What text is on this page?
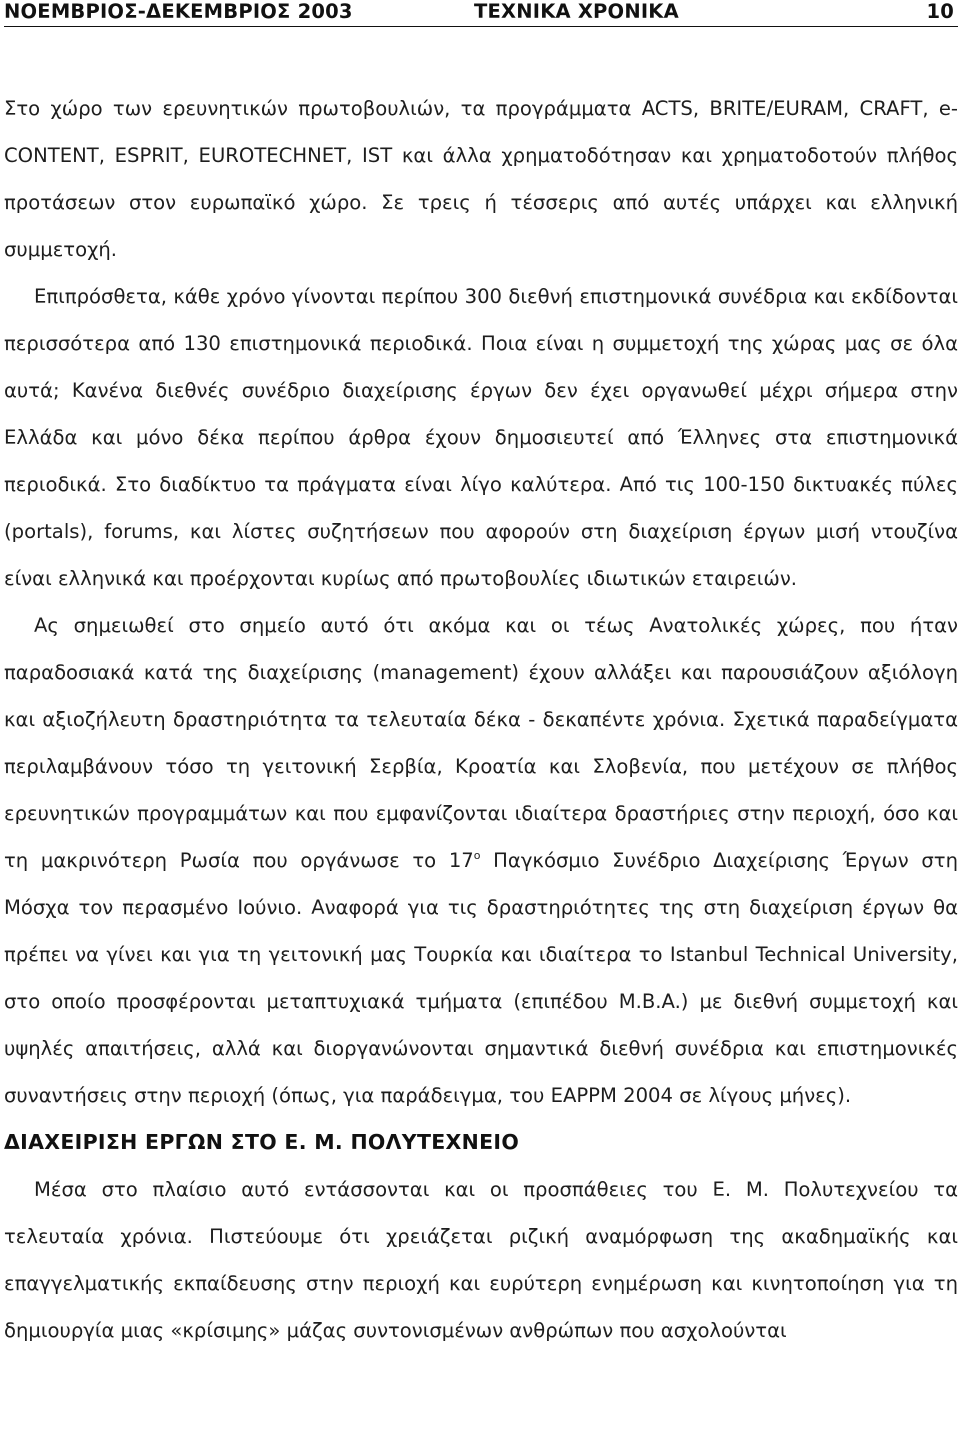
ΝΟΕΜΒΡΙΟΣ-ΔΕΚΕΜΒΡΙΟΣ 2003	ΤΕΧΝΙΚΑ ΧΡΟΝΙΚΑ	10

Στο χώρο των ερευνητικών πρωτοβουλιών, τα προγράμματα ACTS, BRITE/EURAM, CRAFT, e-CONTENT, ESPRIT, EUROTECHNET, IST και άλλα χρηματοδότησαν και χρηματοδοτούν πλήθος προτάσεων στον ευρωπαϊκό χώρο. Σε τρεις ή τέσσερις από αυτές υπάρχει και ελληνική συμμετοχή.

Επιπρόσθετα, κάθε χρόνο γίνονται περίπου 300 διεθνή επιστημονικά συνέδρια και εκδίδονται περισσότερα από 130 επιστημονικά περιοδικά. Ποια είναι η συμμετοχή της χώρας μας σε όλα αυτά; Κανένα διεθνές συνέδριο διαχείρισης έργων δεν έχει οργανωθεί μέχρι σήμερα στην Ελλάδα και μόνο δέκα περίπου άρθρα έχουν δημοσιευτεί από Έλληνες στα επιστημονικά περιοδικά. Στο διαδίκτυο τα πράγματα είναι λίγο καλύτερα. Από τις 100-150 δικτυακές πύλες (portals), forums, και λίστες συζητήσεων που αφορούν στη διαχείριση έργων μισή ντουζίνα είναι ελληνικά και προέρχονται κυρίως από πρωτοβουλίες ιδιωτικών εταιρειών.

Ας σημειωθεί στο σημείο αυτό ότι ακόμα και οι τέως Ανατολικές χώρες, που ήταν παραδοσιακά κατά της διαχείρισης (management) έχουν αλλάξει και παρουσιάζουν αξιόλογη και αξιοζήλευτη δραστηριότητα τα τελευταία δέκα - δεκαπέντε χρόνια. Σχετικά παραδείγματα περιλαμβάνουν τόσο τη γειτονική Σερβία, Κροατία και Σλοβενία, που μετέχουν σε πλήθος ερευνητικών προγραμμάτων και που εμφανίζονται ιδιαίτερα δραστήριες στην περιοχή, όσο και τη μακρινότερη Ρωσία που οργάνωσε το $17^o$ Παγκόσμιο Συνέδριο Διαχείρισης Έργων στη Μόσχα τον περασμένο Ιούνιο. Αναφορά για τις δραστηριότητες της στη διαχείριση έργων θα πρέπει να γίνει και για τη γειτονική μας Τουρκία και ιδιαίτερα το Istanbul Technical University, στο οποίο προσφέρονται μεταπτυχιακά τμήματα (επιπέδου M.B.A.) με διεθνή συμμετοχή και υψηλές απαιτήσεις, αλλά και διοργανώνονται σημαντικά διεθνή συνέδρια και επιστημονικές συναντήσεις στην περιοχή (όπως, για παράδειγμα, του EAPPM 2004 σε λίγους μήνες).

ΔΙΑΧΕΙΡΙΣΗ ΕΡΓΩΝ ΣΤΟ Ε. Μ. ΠΟΛΥΤΕΧΝΕΙΟ

Μέσα στο πλαίσιο αυτό εντάσσονται και οι προσπάθειες του Ε. Μ. Πολυτεχνείου τα τελευταία χρόνια. Πιστεύουμε ότι χρειάζεται ριζική αναμόρφωση της ακαδημαϊκής και επαγγελματικής εκπαίδευσης στην περιοχή και ευρύτερη ενημέρωση και κινητοποίηση για τη δημιουργία μιας «κρίσιμης» μάζας συντονισμένων ανθρώπων που ασχολούνται
